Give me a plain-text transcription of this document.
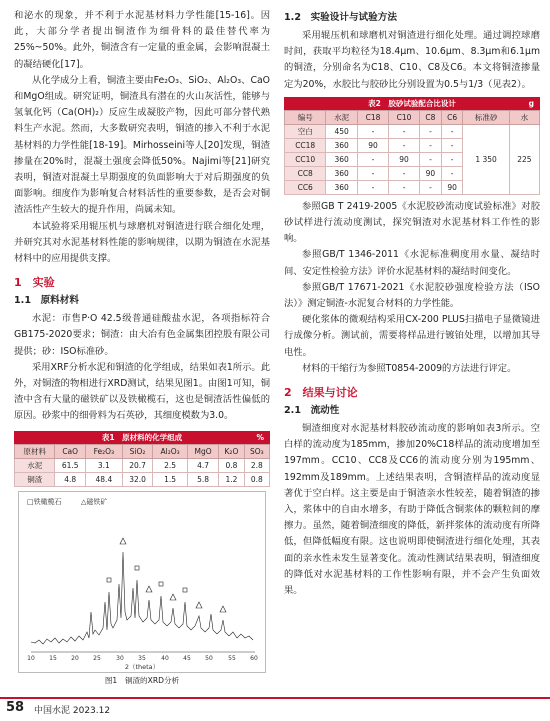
和泌水的现象，并不利于水泥基材料力学性能[15-16]。因此，大部分学者提出铜渣作为细骨料的最佳替代率为25%~50%。此外，铜渣含有一定量的重金属，会影响混凝土的凝结硬化[17]。

从化学成分上看，铜渣主要由Fe₂O₃、SiO₂、Al₂O₃、CaO和MgO组成。研究证明，铜渣具有潜在的火山灰活性，能够与氢氧化钙（Ca(OH)₂）反应生成凝胶产物，因此可部分替代熟料生产水泥。然而，大多数研究表明，铜渣的掺入不利于水泥基材料的力学性能[18-19]。Mirhosseini等人[20]发现，铜渣掺量在20%时，混凝土强度会降低50%。Najimi等[21]研究表明，铜渣对混凝土早期强度的负面影响大于对后期强度的负面影响。细度作为影响复合材料活性的重要参数，是否会对铜渣活性产生较大的提升作用，尚属未知。

本试验将采用辊压机与球磨机对铜渣进行联合细化处理，并研究其对水泥基材料性能的影响规律，以期为铜渣在水泥基材料中的应用提供支撑。

1　实验
1.1　原料材料

水泥：市售P·O 42.5级普通硅酸盐水泥，各项指标符合GB175-2020要求；铜渣：由大冶有色金属集团控股有限公司提供；砂：ISO标准砂。

采用XRF分析水泥和铜渣的化学组成，结果如表1所示。此外，对铜渣的物相进行XRD测试，结果见图1。由图1可知，铜渣中含有大量的磁铁矿以及铁橄榄石，这也是铜渣活性偏低的原因。砂浆中的细骨料为石英砂，其细度模数为3.0。

表1　原材料的化学组成	%
原材料	CaO	Fe₂O₃	SiO₂	Al₂O₃	MgO	K₂O	SO₃
水泥	61.5	3.1	20.7	2.5	4.7	0.8	2.8
铜渣	4.8	48.4	32.0	1.5	5.8	1.2	0.8
□铁橄榄石	△磁铁矿
10 15 20 25	30 35	40 45 50	55 60
2（theta）
图1　铜渣的XRD分析
1.2　实验设计与试验方法

采用辊压机和球磨机对铜渣进行细化处理。通过调控球磨时间，获取平均粒径为18.4μm、10.6μm、8.3μm和6.1μm的铜渣，分别命名为C18、C10、C8及C6。本文将铜渣掺量定为20%，水胶比与胶砂比分别设置为0.5与1/3（见表2）。

表2　胶砂试验配合比设计	g
编号	水泥	C18	C10	C8	C6	标准砂	水
空白	450	-	-	-	-	1 350	225
CC18	360	90	-	-	-		
CC10	360	-	90	-	-		
CC8	360	-	-	90	-		
CC6	360	-	-	-	90		

参照GB T 2419-2005《水泥胶砂流动度试验标准》对胶砂试样进行流动度测试，探究铜渣对水泥基材料工作性的影响。

参照GB/T 1346-2011《水泥标准稠度用水量、凝结时间、安定性检验方法》评价水泥基材料的凝结时间变化。

参照GB/T 17671-2021《水泥胶砂强度检验方法（ISO法）》测定铜渣-水泥复合材料的力学性能。

硬化浆体的微观结构采用CX-200 PLUS扫描电子显微镜进行成像分析。测试前，需要将样品进行镀铂处理，以增加其导电性。

材料的干缩行为参照T0854-2009的方法进行评定。

2　结果与讨论
2.1　流动性

铜渣细度对水泥基材料胶砂流动度的影响如表3所示。空白样的流动度为185mm，掺加20%C18样品的流动度增加至197mm。CC10、CC8及CC6的流动度分别为195mm、192mm及189mm。上述结果表明，含铜渣样品的流动度显著优于空白样。这主要是由于铜渣亲水性较差，随着铜渣的掺入，浆体中的自由水增多，有助于降低含铜浆体的颗粒间的摩擦力。虽然，随着铜渣细度的降低，新拌浆体的流动度有所降低，但降低幅度有限。这也说明即使铜渣进行细化处理，其表面的亲水性未发生显著变化。流动性测试结果表明，铜渣细度的降低对水泥基材料的工作性影响有限，并不会产生负面效果。

58 中国水泥 2023.12
